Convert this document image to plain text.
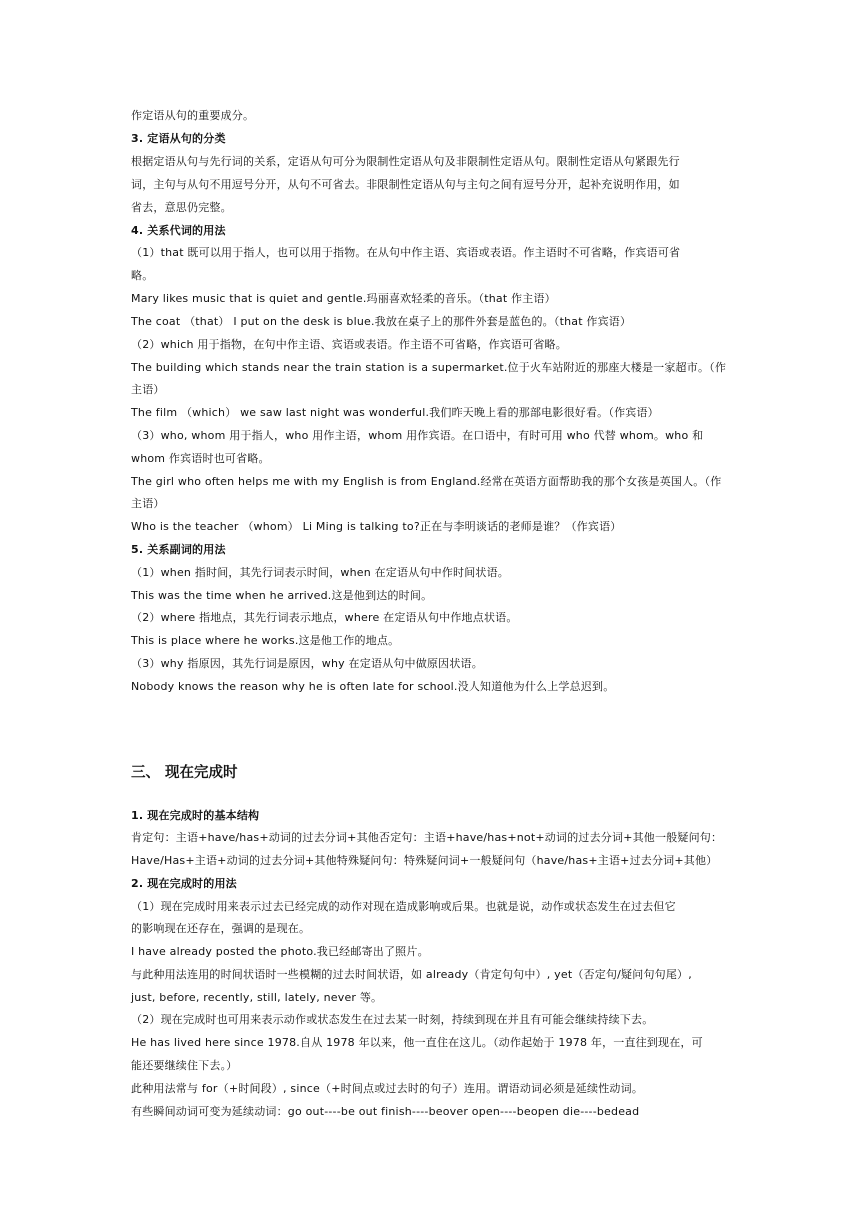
作定语从句的重要成分。
3. 定语从句的分类
根据定语从句与先行词的关系，定语从句可分为限制性定语从句及非限制性定语从句。限制性定语从句紧跟先行
词，主句与从句不用逗号分开，从句不可省去。非限制性定语从句与主句之间有逗号分开，起补充说明作用，如
省去，意思仍完整。
4. 关系代词的用法
（1）that 既可以用于指人，也可以用于指物。在从句中作主语、宾语或表语。作主语时不可省略，作宾语可省
略。
Mary likes music that is quiet and gentle.玛丽喜欢轻柔的音乐。（that 作主语）
The coat （that） I put on the desk is blue.我放在桌子上的那件外套是蓝色的。（that 作宾语）
（2）which 用于指物，在句中作主语、宾语或表语。作主语不可省略，作宾语可省略。
The building which stands near the train station is a supermarket.位于火车站附近的那座大楼是一家超市。（作
主语）
The film （which） we saw last night was wonderful.我们昨天晚上看的那部电影很好看。（作宾语）
（3）who, whom 用于指人，who 用作主语，whom 用作宾语。在口语中，有时可用 who 代替 whom。who 和
whom 作宾语时也可省略。
The girl who often helps me with my English is from England.经常在英语方面帮助我的那个女孩是英国人。（作
主语）
Who is the teacher （whom） Li Ming is talking to?正在与李明谈话的老师是谁？（作宾语）
5. 关系副词的用法
（1）when 指时间，其先行词表示时间，when 在定语从句中作时间状语。
This was the time when he arrived.这是他到达的时间。
（2）where 指地点，其先行词表示地点，where 在定语从句中作地点状语。
This is place where he works.这是他工作的地点。
（3）why 指原因，其先行词是原因，why 在定语从句中做原因状语。
Nobody knows the reason why he is often late for school.没人知道他为什么上学总迟到。
三、 现在完成时
1. 现在完成时的基本结构
肯定句：主语+have/has+动词的过去分词+其他否定句：主语+have/has+not+动词的过去分词+其他一般疑问句：
Have/Has+主语+动词的过去分词+其他特殊疑问句：特殊疑问词+一般疑问句（have/has+主语+过去分词+其他）
2. 现在完成时的用法
（1）现在完成时用来表示过去已经完成的动作对现在造成影响或后果。也就是说，动作或状态发生在过去但它
的影响现在还存在，强调的是现在。
I have already posted the photo.我已经邮寄出了照片。
与此种用法连用的时间状语时一些模糊的过去时间状语，如 already（肯定句句中）, yet（否定句/疑问句句尾）,
just, before, recently, still, lately, never 等。
（2）现在完成时也可用来表示动作或状态发生在过去某一时刻，持续到现在并且有可能会继续持续下去。
He has lived here since 1978.自从 1978 年以来，他一直住在这儿。（动作起始于 1978 年，一直往到现在，可
能还要继续住下去。）
此种用法常与 for（+时间段）, since（+时间点或过去时的句子）连用。谓语动词必须是延续性动词。
有些瞬间动词可变为延续动词：go out----be out finish----beover open----beopen die----bedead
